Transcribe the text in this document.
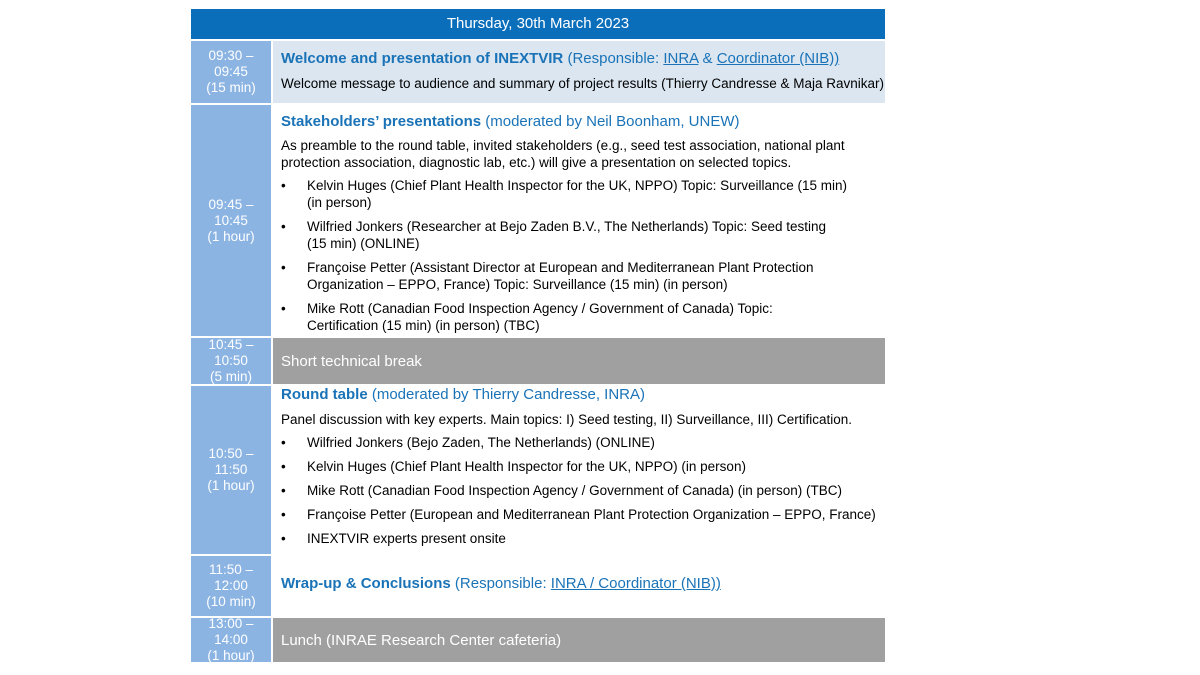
Thursday, 30th March 2023
09:30 –
09:45
(15 min)
Welcome and presentation of INEXTVIR (Responsible: INRA & Coordinator (NIB))
Welcome message to audience and summary of project results (Thierry Candresse & Maja Ravnikar)
09:45 –
10:45
(1 hour)
Stakeholders’ presentations (moderated by Neil Boonham, UNEW)
As preamble to the round table, invited stakeholders (e.g., seed test association, national plant
protection association, diagnostic lab, etc.) will give a presentation on selected topics.
• Kelvin Huges (Chief Plant Health Inspector for the UK, NPPO) Topic: Surveillance (15 min)
(in person)
• Wilfried Jonkers (Researcher at Bejo Zaden B.V., The Netherlands) Topic: Seed testing
(15 min) (ONLINE)
• Françoise Petter (Assistant Director at European and Mediterranean Plant Protection
Organization – EPPO, France) Topic: Surveillance (15 min) (in person)
• Mike Rott (Canadian Food Inspection Agency / Government of Canada) Topic:
Certification (15 min) (in person) (TBC)
10:45 –
10:50
(5 min)
Short technical break
10:50 –
11:50
(1 hour)
Round table (moderated by Thierry Candresse, INRA)
Panel discussion with key experts. Main topics: I) Seed testing, II) Surveillance, III) Certification.
• Wilfried Jonkers (Bejo Zaden, The Netherlands) (ONLINE)
• Kelvin Huges (Chief Plant Health Inspector for the UK, NPPO) (in person)
• Mike Rott (Canadian Food Inspection Agency / Government of Canada) (in person) (TBC)
• Françoise Petter (European and Mediterranean Plant Protection Organization – EPPO, France)
• INEXTVIR experts present onsite
11:50 –
12:00
(10 min)
Wrap-up & Conclusions (Responsible: INRA / Coordinator (NIB))
13:00 –
14:00
(1 hour)
Lunch (INRAE Research Center cafeteria)
